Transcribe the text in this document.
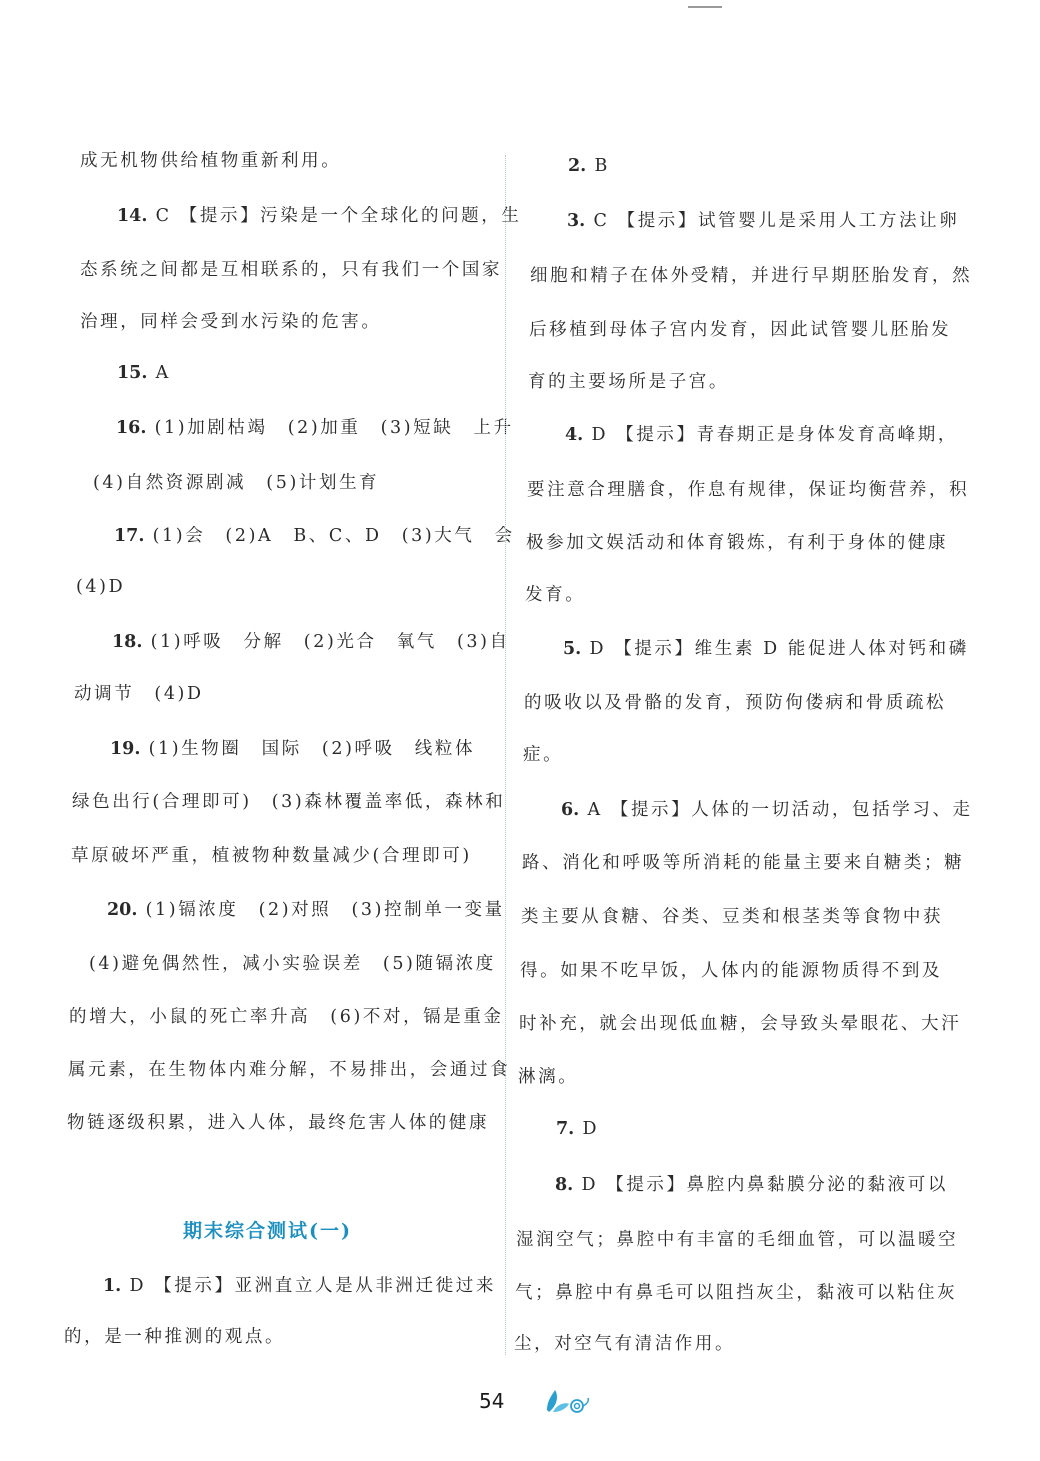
成无机物供给植物重新利用。
14. C 【提示】污染是一个全球化的问题，生
态系统之间都是互相联系的，只有我们一个国家
治理，同样会受到水污染的危害。
15. A
16. (1)加剧枯竭　(2)加重　(3)短缺　上升
(4)自然资源剧减　(5)计划生育
17. (1)会　(2)A　B、C、D　(3)大气　会
(4)D
18. (1)呼吸　分解　(2)光合　氧气　(3)自
动调节　(4)D
19. (1)生物圈　国际　(2)呼吸　线粒体
绿色出行(合理即可)　(3)森林覆盖率低，森林和
草原破坏严重，植被物种数量减少(合理即可)
20. (1)镉浓度　(2)对照　(3)控制单一变量
(4)避免偶然性，减小实验误差　(5)随镉浓度
的增大，小鼠的死亡率升高　(6)不对，镉是重金
属元素，在生物体内难分解，不易排出，会通过食
物链逐级积累，进入人体，最终危害人体的健康
期末综合测试(一)
1. D 【提示】亚洲直立人是从非洲迁徙过来
的，是一种推测的观点。
2. B
3. C 【提示】试管婴儿是采用人工方法让卵
细胞和精子在体外受精，并进行早期胚胎发育，然
后移植到母体子宫内发育，因此试管婴儿胚胎发
育的主要场所是子宫。
4. D 【提示】青春期正是身体发育高峰期，
要注意合理膳食，作息有规律，保证均衡营养，积
极参加文娱活动和体育锻炼，有利于身体的健康
发育。
5. D 【提示】维生素 D 能促进人体对钙和磷
的吸收以及骨骼的发育，预防佝偻病和骨质疏松
症。
6. A 【提示】人体的一切活动，包括学习、走
路、消化和呼吸等所消耗的能量主要来自糖类；糖
类主要从食糖、谷类、豆类和根茎类等食物中获
得。如果不吃早饭，人体内的能源物质得不到及
时补充，就会出现低血糖，会导致头晕眼花、大汗
淋漓。
7. D
8. D 【提示】鼻腔内鼻黏膜分泌的黏液可以
湿润空气；鼻腔中有丰富的毛细血管，可以温暖空
气；鼻腔中有鼻毛可以阻挡灰尘，黏液可以粘住灰
尘，对空气有清洁作用。
54
